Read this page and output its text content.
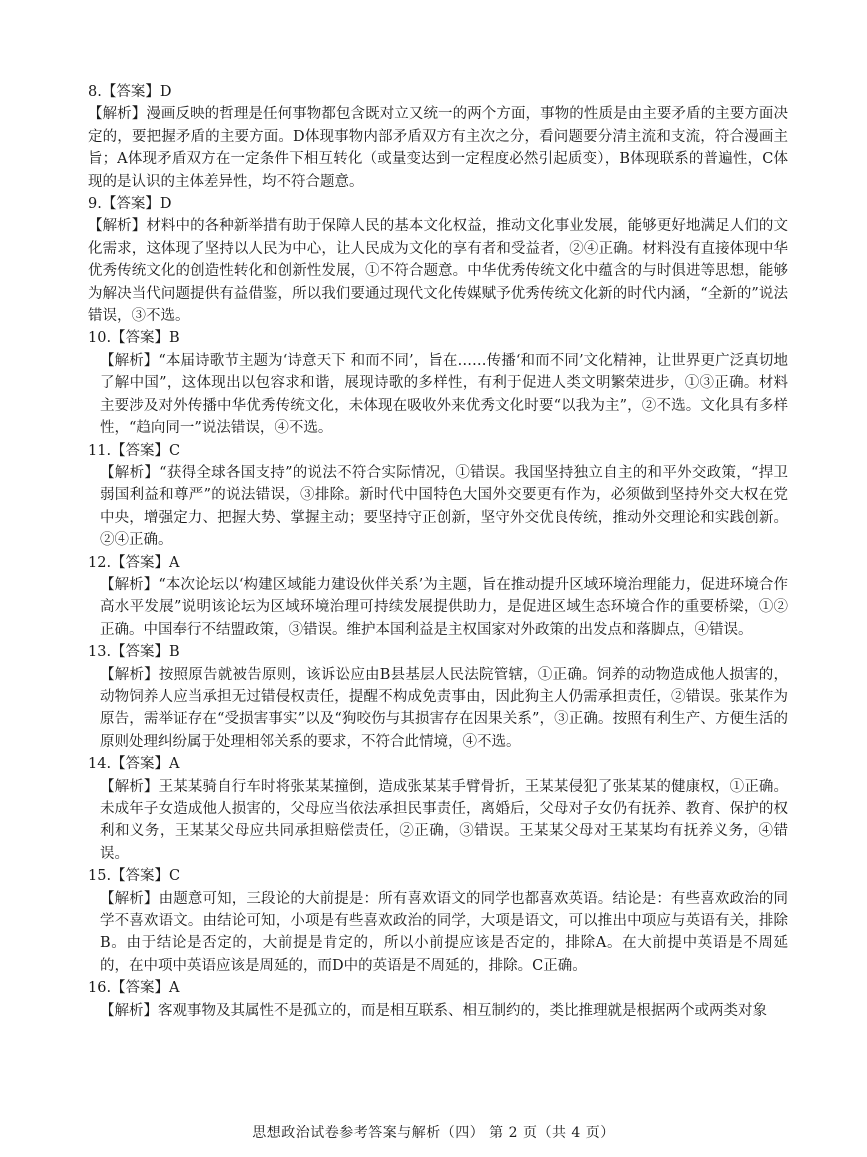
8.【答案】D

【解析】漫画反映的哲理是任何事物都包含既对立又统一的两个方面，事物的性质是由主要矛盾的主要方面决定的，要把握矛盾的主要方面。D体现事物内部矛盾双方有主次之分，看问题要分清主流和支流，符合漫画主旨；A体现矛盾双方在一定条件下相互转化（或量变达到一定程度必然引起质变），B体现联系的普遍性，C体现的是认识的主体差异性，均不符合题意。

9.【答案】D

【解析】材料中的各种新举措有助于保障人民的基本文化权益，推动文化事业发展，能够更好地满足人们的文化需求，这体现了坚持以人民为中心，让人民成为文化的享有者和受益者，②④正确。材料没有直接体现中华优秀传统文化的创造性转化和创新性发展，①不符合题意。中华优秀传统文化中蕴含的与时俱进等思想，能够为解决当代问题提供有益借鉴，所以我们要通过现代文化传媒赋予优秀传统文化新的时代内涵，“全新的”说法错误，③不选。

10.【答案】B

【解析】“本届诗歌节主题为‘诗意天下 和而不同’，旨在……传播‘和而不同’文化精神，让世界更广泛真切地了解中国”，这体现出以包容求和谐，展现诗歌的多样性，有利于促进人类文明繁荣进步，①③正确。材料主要涉及对外传播中华优秀传统文化，未体现在吸收外来优秀文化时要“以我为主”，②不选。文化具有多样性，“趋向同一”说法错误，④不选。

11.【答案】C

【解析】“获得全球各国支持”的说法不符合实际情况，①错误。我国坚持独立自主的和平外交政策，“捍卫弱国利益和尊严”的说法错误，③排除。新时代中国特色大国外交要更有作为，必须做到坚持外交大权在党中央，增强定力、把握大势、掌握主动；要坚持守正创新，坚守外交优良传统，推动外交理论和实践创新。②④正确。

12.【答案】A

【解析】“本次论坛以‘构建区域能力建设伙伴关系’为主题，旨在推动提升区域环境治理能力，促进环境合作高水平发展”说明该论坛为区域环境治理可持续发展提供助力，是促进区域生态环境合作的重要桥梁，①②正确。中国奉行不结盟政策，③错误。维护本国利益是主权国家对外政策的出发点和落脚点，④错误。

13.【答案】B

【解析】按照原告就被告原则，该诉讼应由B县基层人民法院管辖，①正确。饲养的动物造成他人损害的，动物饲养人应当承担无过错侵权责任，提醒不构成免责事由，因此狗主人仍需承担责任，②错误。张某作为原告，需举证存在“受损害事实”以及“狗咬伤与其损害存在因果关系”，③正确。按照有利生产、方便生活的原则处理纠纷属于处理相邻关系的要求，不符合此情境，④不选。

14.【答案】A

【解析】王某某骑自行车时将张某某撞倒，造成张某某手臂骨折，王某某侵犯了张某某的健康权，①正确。未成年子女造成他人损害的，父母应当依法承担民事责任，离婚后，父母对子女仍有抚养、教育、保护的权利和义务，王某某父母应共同承担赔偿责任，②正确，③错误。王某某父母对王某某均有抚养义务，④错误。

15.【答案】C

【解析】由题意可知，三段论的大前提是：所有喜欢语文的同学也都喜欢英语。结论是：有些喜欢政治的同学不喜欢语文。由结论可知，小项是有些喜欢政治的同学，大项是语文，可以推出中项应与英语有关，排除B。由于结论是否定的，大前提是肯定的，所以小前提应该是否定的，排除A。在大前提中英语是不周延的，在中项中英语应该是周延的，而D中的英语是不周延的，排除。C正确。

16.【答案】A

【解析】客观事物及其属性不是孤立的，而是相互联系、相互制约的，类比推理就是根据两个或两类对象

思想政治试卷参考答案与解析（四） 第 2 页（共 4 页）
